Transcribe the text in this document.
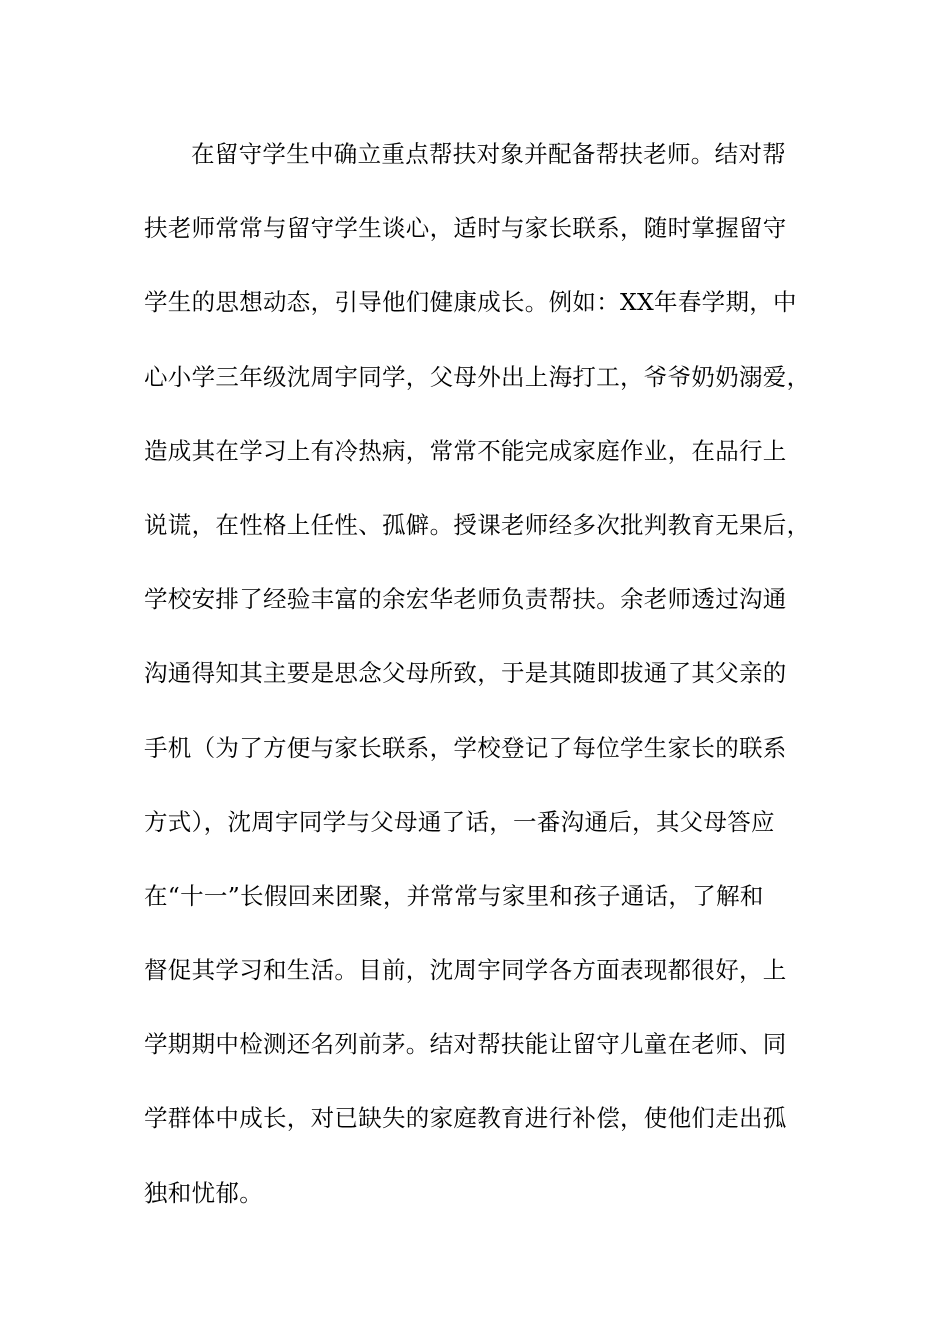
在留守学生中确立重点帮扶对象并配备帮扶老师。结对帮
扶老师常常与留守学生谈心，适时与家长联系，随时掌握留守
学生的思想动态，引导他们健康成长。例如：XX年春学期，中
心小学三年级沈周宇同学，父母外出上海打工，爷爷奶奶溺爱，
造成其在学习上有冷热病，常常不能完成家庭作业，在品行上
说谎，在性格上任性、孤僻。授课老师经多次批判教育无果后，
学校安排了经验丰富的余宏华老师负责帮扶。余老师透过沟通
沟通得知其主要是思念父母所致，于是其随即拔通了其父亲的
手机（为了方便与家长联系，学校登记了每位学生家长的联系
方式），沈周宇同学与父母通了话，一番沟通后，其父母答应
在“十一”长假回来团聚，并常常与家里和孩子通话，了解和
督促其学习和生活。目前，沈周宇同学各方面表现都很好，上
学期期中检测还名列前茅。结对帮扶能让留守儿童在老师、同
学群体中成长，对已缺失的家庭教育进行补偿，使他们走出孤
独和忧郁。
